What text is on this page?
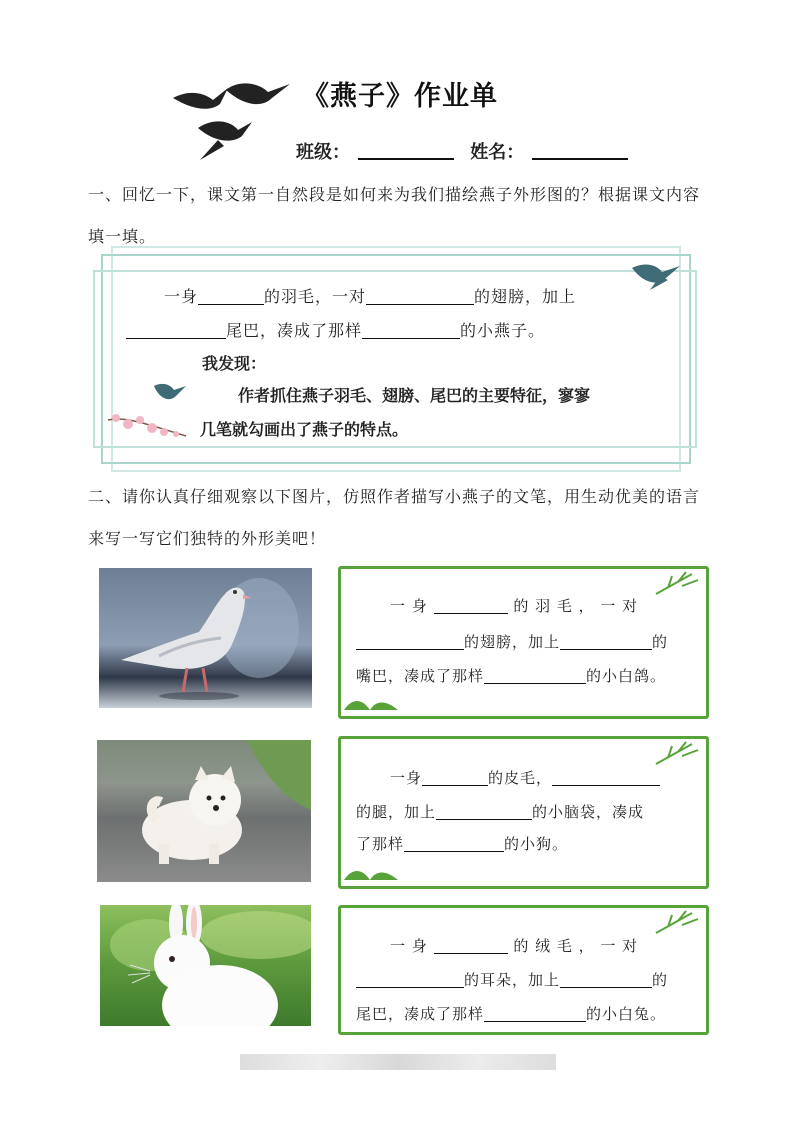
《燕子》作业单
班级：	姓名：
一、回忆一下，课文第一自然段是如何来为我们描绘燕子外形图的？根据课文内容填一填。
一身	的羽毛，一对	的翅膀，加上
尾巴，凑成了那样	的小燕子。
我发现：
作者抓住燕子羽毛、翅膀、尾巴的主要特征，寥寥
几笔就勾画出了燕子的特点。
二、请你认真仔细观察以下图片，仿照作者描写小燕子的文笔，用生动优美的语言来写一写它们独特的外形美吧！
一 身	的 羽 毛 ， 一 对
的翅膀，加上	的
嘴巴，凑成了那样	的小白鸽。
一身	的皮毛，
的腿，加上	的小脑袋，凑成
了那样	的小狗。
一 身	的 绒 毛 ， 一 对
的耳朵，加上	的
尾巴，凑成了那样	的小白兔。
